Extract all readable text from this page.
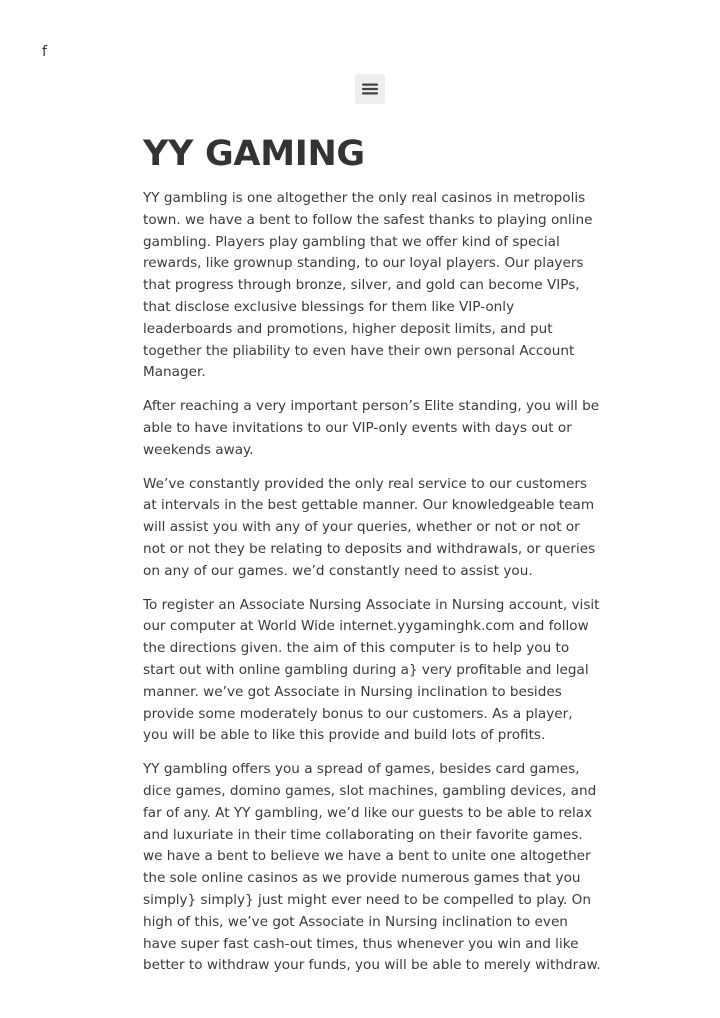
f
YY GAMING

YY gambling is one altogether the only real casinos in metropolis town. we have a bent to follow the safest thanks to playing online gambling. Players play gambling that we offer kind of special rewards, like grownup standing, to our loyal players. Our players that progress through bronze, silver, and gold can become VIPs, that disclose exclusive blessings for them like VIP-only leaderboards and promotions, higher deposit limits, and put together the pliability to even have their own personal Account Manager.

After reaching a very important person’s Elite standing, you will be able to have invitations to our VIP-only events with days out or weekends away.

We’ve constantly provided the only real service to our customers at intervals in the best gettable manner. Our knowledgeable team will assist you with any of your queries, whether or not or not or not or not they be relating to deposits and withdrawals, or queries on any of our games. we’d constantly need to assist you.

To register an Associate Nursing Associate in Nursing account, visit our computer at World Wide internet.yygaminghk.com and follow the directions given. the aim of this computer is to help you to start out with online gambling during a} very profitable and legal manner. we’ve got Associate in Nursing inclination to besides provide some moderately bonus to our customers. As a player, you will be able to like this provide and build lots of profits.

YY gambling offers you a spread of games, besides card games, dice games, domino games, slot machines, gambling devices, and far of any. At YY gambling, we’d like our guests to be able to relax and luxuriate in their time collaborating on their favorite games. we have a bent to believe we have a bent to unite one altogether the sole online casinos as we provide numerous games that you simply} simply} just might ever need to be compelled to play. On high of this, we’ve got Associate in Nursing inclination to even have super fast cash-out times, thus whenever you win and like better to withdraw your funds, you will be able to merely withdraw.
